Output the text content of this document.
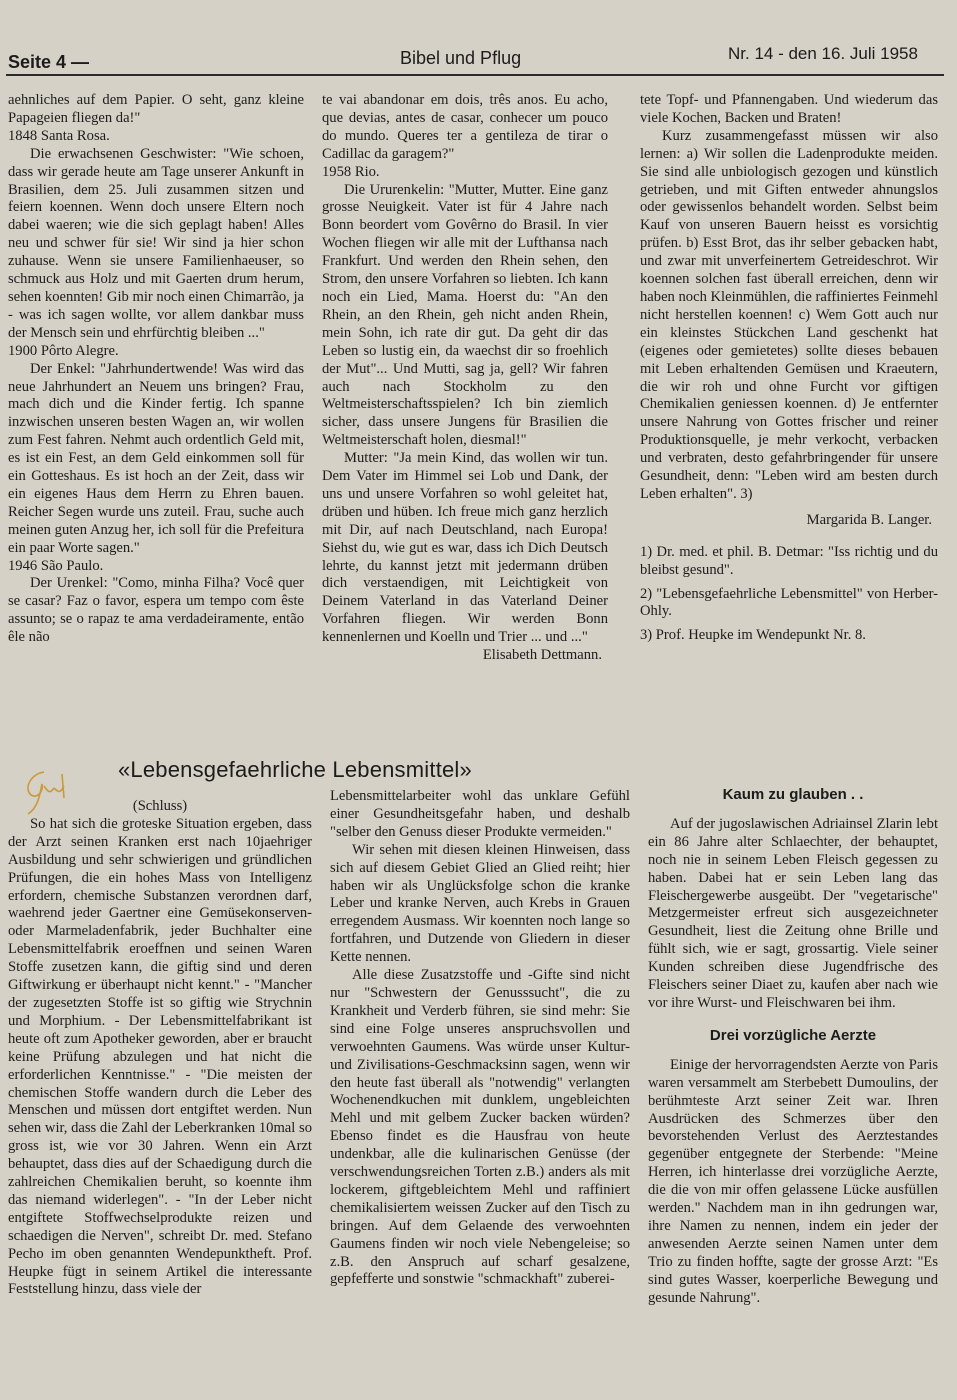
Seite 4 —	Bibel und Pflug	Nr. 14 - den 16. Juli 1958

aehnliches auf dem Papier. O seht, ganz kleine Papageien fliegen da!"

1848 Santa Rosa.

Die erwachsenen Geschwister: "Wie schoen, dass wir gerade heute am Tage unserer Ankunft in Brasilien, dem 25. Juli zusammen sitzen und feiern koennen. Wenn doch unsere Eltern noch dabei waeren; wie die sich geplagt haben! Alles neu und schwer für sie! Wir sind ja hier schon zuhause. Wenn sie unsere Familienhaeuser, so schmuck aus Holz und mit Gaerten drum herum, sehen koennten! Gib mir noch einen Chimarrão, ja - was ich sagen wollte, vor allem dankbar muss der Mensch sein und ehrfürchtig bleiben ..."

1900 Pôrto Alegre.

Der Enkel: "Jahrhundertwende! Was wird das neue Jahrhundert an Neuem uns bringen? Frau, mach dich und die Kinder fertig. Ich spanne inzwischen unseren besten Wagen an, wir wollen zum Fest fahren. Nehmt auch ordentlich Geld mit, es ist ein Fest, an dem Geld einkommen soll für ein Gotteshaus. Es ist hoch an der Zeit, dass wir ein eigenes Haus dem Herrn zu Ehren bauen. Reicher Segen wurde uns zuteil. Frau, suche auch meinen guten Anzug her, ich soll für die Prefeitura ein paar Worte sagen."

1946 São Paulo.

Der Urenkel: "Como, minha Filha? Você quer se casar? Faz o favor, espera um tempo com êste assunto; se o rapaz te ama verdadeiramente, então êle não

te vai abandonar em dois, três anos. Eu acho, que devias, antes de casar, conhecer um pouco do mundo. Queres ter a gentileza de tirar o Cadillac da garagem?"

1958 Rio.

Die Ururenkelin: "Mutter, Mutter. Eine ganz grosse Neuigkeit. Vater ist für 4 Jahre nach Bonn beordert vom Govêrno do Brasil. In vier Wochen fliegen wir alle mit der Lufthansa nach Frankfurt. Und werden den Rhein sehen, den Strom, den unsere Vorfahren so liebten. Ich kann noch ein Lied, Mama. Hoerst du: "An den Rhein, an den Rhein, geh nicht anden Rhein, mein Sohn, ich rate dir gut. Da geht dir das Leben so lustig ein, da waechst dir so froehlich der Mut"... Und Mutti, sag ja, gell? Wir fahren auch nach Stockholm zu den Weltmeisterschaftsspielen? Ich bin ziemlich sicher, dass unsere Jungens für Brasilien die Weltmeisterschaft holen, diesmal!"

Mutter: "Ja mein Kind, das wollen wir tun. Dem Vater im Himmel sei Lob und Dank, der uns und unsere Vorfahren so wohl geleitet hat, drüben und hüben. Ich freue mich ganz herzlich mit Dir, auf nach Deutschland, nach Europa! Siehst du, wie gut es war, dass ich Dich Deutsch lehrte, du kannst jetzt mit jedermann drüben dich verstaendigen, mit Leichtigkeit von Deinem Vaterland in das Vaterland Deiner Vorfahren fliegen. Wir werden Bonn kennenlernen und Koelln und Trier ... und ..."

Elisabeth Dettmann.

tete Topf- und Pfannengaben. Und wiederum das viele Kochen, Backen und Braten!

Kurz zusammengefasst müssen wir also lernen: a) Wir sollen die Ladenprodukte meiden. Sie sind alle unbiologisch gezogen und künstlich getrieben, und mit Giften entweder ahnungslos oder gewissenlos behandelt worden. Selbst beim Kauf von unseren Bauern heisst es vorsichtig prüfen. b) Esst Brot, das ihr selber gebacken habt, und zwar mit unverfeinertem Getreideschrot. Wir koennen solchen fast überall erreichen, denn wir haben noch Kleinmühlen, die raffiniertes Feinmehl nicht herstellen koennen! c) Wem Gott auch nur ein kleinstes Stückchen Land geschenkt hat (eigenes oder gemietetes) sollte dieses bebauen mit Leben erhaltenden Gemüsen und Kraeutern, die wir roh und ohne Furcht vor giftigen Chemikalien geniessen koennen. d) Je entfernter unsere Nahrung von Gottes frischer und reiner Produktionsquelle, je mehr verkocht, verbacken und verbraten, desto gefahrbringender für unsere Gesundheit, denn: "Leben wird am besten durch Leben erhalten". 3)

Margarida B. Langer.

1) Dr. med. et phil. B. Detmar: "Iss richtig und du bleibst gesund".

2) "Lebensgefaehrliche Lebensmittel" von Herber-Ohly.

3) Prof. Heupke im Wendepunkt Nr. 8.

«Lebensgefaehrliche Lebensmittel»

(Schluss)

So hat sich die groteske Situation ergeben, dass der Arzt seinen Kranken erst nach 10jaehriger Ausbildung und sehr schwierigen und gründlichen Prüfungen, die ein hohes Mass von Intelligenz erfordern, chemische Substanzen verordnen darf, waehrend jeder Gaertner eine Gemüsekonserven- oder Marmeladenfabrik, jeder Buchhalter eine Lebensmittelfabrik eroeffnen und seinen Waren Stoffe zusetzen kann, die giftig sind und deren Giftwirkung er überhaupt nicht kennt." - "Mancher der zugesetzten Stoffe ist so giftig wie Strychnin und Morphium. - Der Lebensmittelfabrikant ist heute oft zum Apotheker geworden, aber er braucht keine Prüfung abzulegen und hat nicht die erforderlichen Kenntnisse." - "Die meisten der chemischen Stoffe wandern durch die Leber des Menschen und müssen dort entgiftet werden. Nun sehen wir, dass die Zahl der Leberkranken 10mal so gross ist, wie vor 30 Jahren. Wenn ein Arzt behauptet, dass dies auf der Schaedigung durch die zahlreichen Chemikalien beruht, so koennte ihm das niemand widerlegen". - "In der Leber nicht entgiftete Stoffwechselprodukte reizen und schaedigen die Nerven", schreibt Dr. med. Stefano Pecho im oben genannten Wendepunktheft. Prof. Heupke fügt in seinem Artikel die interessante Feststellung hinzu, dass viele der

Lebensmittelarbeiter wohl das unklare Gefühl einer Gesundheitsgefahr haben, und deshalb "selber den Genuss dieser Produkte vermeiden."

Wir sehen mit diesen kleinen Hinweisen, dass sich auf diesem Gebiet Glied an Glied reiht; hier haben wir als Unglücksfolge schon die kranke Leber und kranke Nerven, auch Krebs in Grauen erregendem Ausmass. Wir koennten noch lange so fortfahren, und Dutzende von Gliedern in dieser Kette nennen.

Alle diese Zusatzstoffe und -Gifte sind nicht nur "Schwestern der Genusssucht", die zu Krankheit und Verderb führen, sie sind mehr: Sie sind eine Folge unseres anspruchsvollen und verwoehnten Gaumens. Was würde unser Kultur- und Zivilisations-Geschmacksinn sagen, wenn wir den heute fast überall als "notwendig" verlangten Wochenendkuchen mit dunklem, ungebleichten Mehl und mit gelbem Zucker backen würden? Ebenso findet es die Hausfrau von heute undenkbar, alle die kulinarischen Genüsse (der verschwendungsreichen Torten z.B.) anders als mit lockerem, giftgebleichtem Mehl und raffiniert chemikalisiertem weissen Zucker auf den Tisch zu bringen. Auf dem Gelaende des verwoehnten Gaumens finden wir noch viele Nebengeleise; so z.B. den Anspruch auf scharf gesalzene, gepfefferte und sonstwie "schmackhaft" zuberei-

Kaum zu glauben . .

Auf der jugoslawischen Adriainsel Zlarin lebt ein 86 Jahre alter Schlaechter, der behauptet, noch nie in seinem Leben Fleisch gegessen zu haben. Dabei hat er sein Leben lang das Fleischergewerbe ausgeübt. Der "vegetarische" Metzgermeister erfreut sich ausgezeichneter Gesundheit, liest die Zeitung ohne Brille und fühlt sich, wie er sagt, grossartig. Viele seiner Kunden schreiben diese Jugendfrische des Fleischers seiner Diaet zu, kaufen aber nach wie vor ihre Wurst- und Fleischwaren bei ihm.

Drei vorzügliche Aerzte

Einige der hervorragendsten Aerzte von Paris waren versammelt am Sterbebett Dumoulins, der berühmteste Arzt seiner Zeit war. Ihren Ausdrücken des Schmerzes über den bevorstehenden Verlust des Aerztestandes gegenüber entgegnete der Sterbende: "Meine Herren, ich hinterlasse drei vorzügliche Aerzte, die die von mir offen gelassene Lücke ausfüllen werden." Nachdem man in ihn gedrungen war, ihre Namen zu nennen, indem ein jeder der anwesenden Aerzte seinen Namen unter dem Trio zu finden hoffte, sagte der grosse Arzt: "Es sind gutes Wasser, koerperliche Bewegung und gesunde Nahrung".
